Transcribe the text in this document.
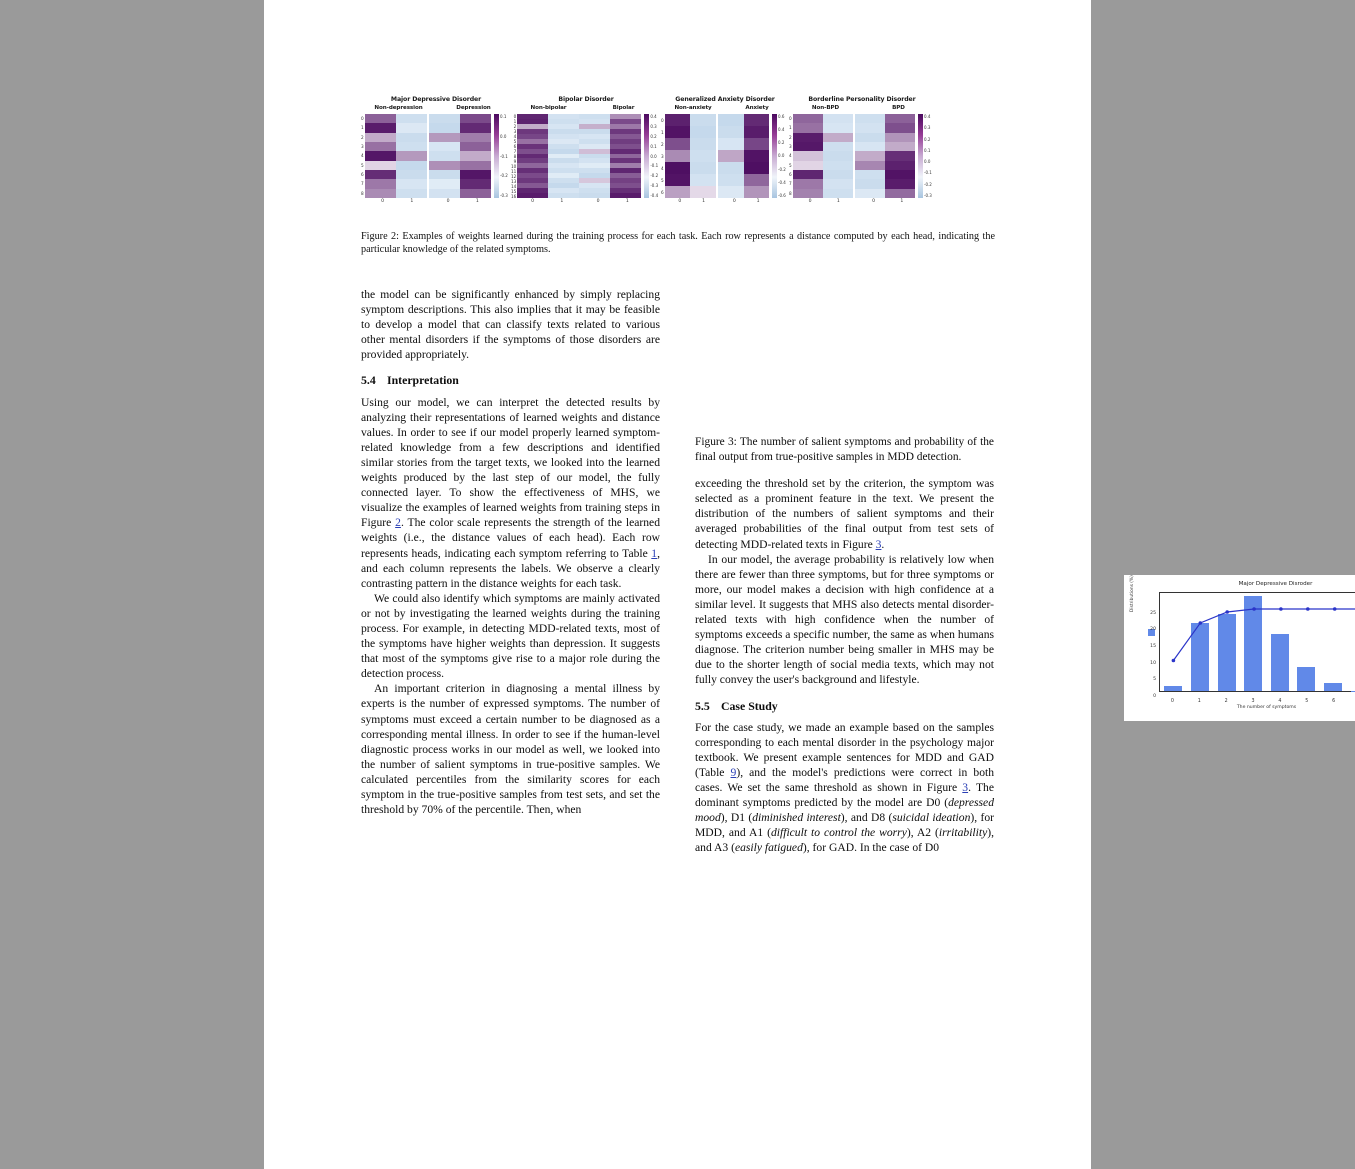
Major Depressive Disorder
Non-depression	Depression
0
1
2
3
4
5
6
7
8
0.1
0.0
-0.1
-0.2
-0.3
0	1	0	1
Bipolar Disorder
Non-bipolar	Bipolar
0
1
2
3
4
5
6
7
8
9
10
11
12
13
14
15
16
0.4
0.3
0.2
0.1
0.0
-0.1
-0.2
-0.3
-0.4
0	1	0	1
Generalized Anxiety Disorder
Non-anxiety	Anxiety
0
1
2
3
4
5
6
0.6
0.4
0.2
0.0
-0.2
-0.4
-0.6
0	1	0	1
Borderline Personality Disorder
Non-BPD	BPD
0
1
2
3
4
5
6
7
8
0.4
0.3
0.2
0.1
0.0
-0.1
-0.2
-0.3
0	1	0	1
Figure 2: Examples of weights learned during the training process for each task. Each row represents a distance computed by each head, indicating the particular knowledge of the related symptoms.

the model can be significantly enhanced by simply replacing symptom descriptions. This also implies that it may be feasible to develop a model that can classify texts related to various other mental disorders if the symptoms of those disorders are provided appropriately.

5.4 Interpretation

Using our model, we can interpret the detected results by analyzing their representations of learned weights and distance values. In order to see if our model properly learned symptom-related knowledge from a few descriptions and identified similar stories from the target texts, we looked into the learned weights produced by the last step of our model, the fully connected layer. To show the effectiveness of MHS, we visualize the examples of learned weights from training steps in Figure 2. The color scale represents the strength of the learned weights (i.e., the distance values of each head). Each row represents heads, indicating each symptom referring to Table 1, and each column represents the labels. We observe a clearly contrasting pattern in the distance weights for each task.

We could also identify which symptoms are mainly activated or not by investigating the learned weights during the training process. For example, in detecting MDD-related texts, most of the symptoms have higher weights than depression. It suggests that most of the symptoms give rise to a major role during the detection process.

An important criterion in diagnosing a mental illness by experts is the number of expressed symptoms. The number of symptoms must exceed a certain number to be diagnosed as a corresponding mental illness. In order to see if the human-level diagnostic process works in our model as well, we looked into the number of salient symptoms in true-positive samples. We calculated percentiles from the similarity scores for each symptom in the true-positive samples from test sets, and set the threshold by 70% of the percentile. Then, when

Major Depressive Disroder
Distributions (%)
The number of symptoms
0
5
10
15
20
25
0	1	2	3	4	5	6
Figure 3: The number of salient symptoms and probability of the final output from true-positive samples in MDD detection.

exceeding the threshold set by the criterion, the symptom was selected as a prominent feature in the text. We present the distribution of the numbers of salient symptoms and their averaged probabilities of the final output from test sets of detecting MDD-related texts in Figure 3.

In our model, the average probability is relatively low when there are fewer than three symptoms, but for three symptoms or more, our model makes a decision with high confidence at a similar level. It suggests that MHS also detects mental disorder-related texts with high confidence when the number of symptoms exceeds a specific number, the same as when humans diagnose. The criterion number being smaller in MHS may be due to the shorter length of social media texts, which may not fully convey the user's background and lifestyle.

5.5 Case Study

For the case study, we made an example based on the samples corresponding to each mental disorder in the psychology major textbook. We present example sentences for MDD and GAD (Table 9), and the model's predictions were correct in both cases. We set the same threshold as shown in Figure 3. The dominant symptoms predicted by the model are D0 (depressed mood), D1 (diminished interest), and D8 (suicidal ideation), for MDD, and A1 (difficult to control the worry), A2 (irritability), and A3 (easily fatigued), for GAD. In the case of D0
